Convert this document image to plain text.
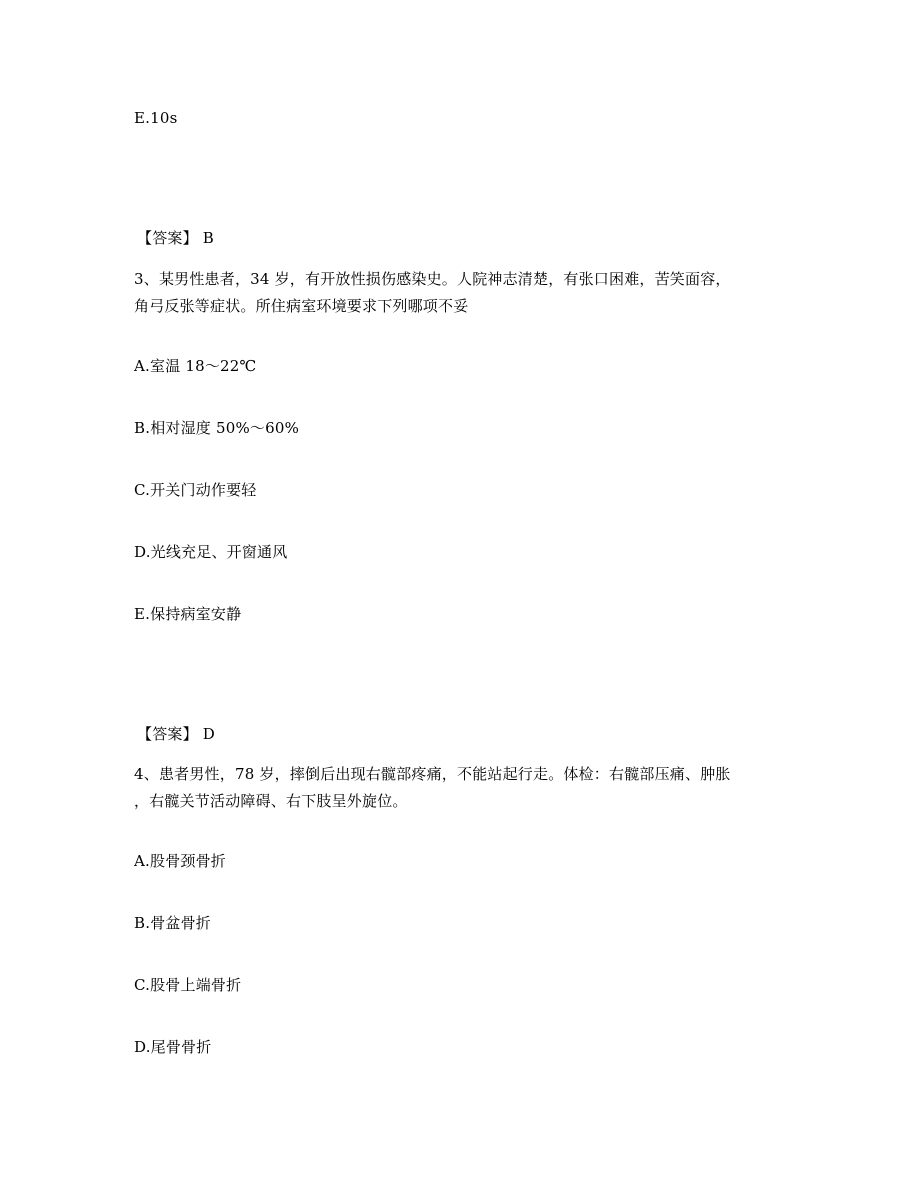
E.10s
【答案】 B
3、某男性患者，34 岁，有开放性损伤感染史。人院神志清楚，有张口困难，苦笑面容，
角弓反张等症状。所住病室环境要求下列哪项不妥
A.室温 18～22℃
B.相对湿度 50%～60%
C.开关门动作要轻
D.光线充足、开窗通风
E.保持病室安静
【答案】 D
4、患者男性，78 岁，摔倒后出现右髋部疼痛，不能站起行走。体检：右髋部压痛、肿胀
，右髋关节活动障碍、右下肢呈外旋位。
A.股骨颈骨折
B.骨盆骨折
C.股骨上端骨折
D.尾骨骨折
